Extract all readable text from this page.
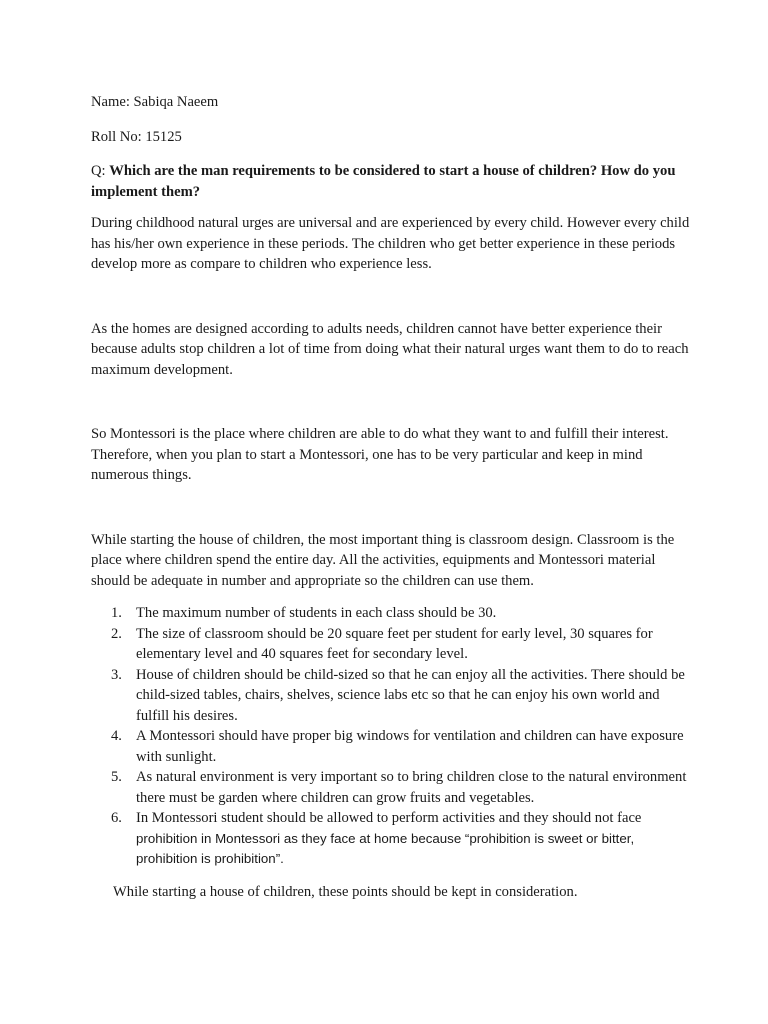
Name: Sabiqa Naeem

Roll No: 15125

Q: Which are the man requirements to be considered to start a house of children? How do you implement them?

During childhood natural urges are universal and are experienced by every child. However every child has his/her own experience in these periods. The children who get better experience in these periods develop more as compare to children who experience less.

As the homes are designed according to adults needs, children cannot have better experience their because adults stop children a lot of time from doing what their natural urges want them to do to reach maximum development.

So Montessori is the place where children are able to do what they want to and fulfill their interest. Therefore, when you plan to start a Montessori, one has to be very particular and keep in mind numerous things.

While starting the house of children, the most important thing is classroom design. Classroom is the place where children spend the entire day. All the activities, equipments and Montessori material should be adequate in number and appropriate so the children can use them.

1. The maximum number of students in each class should be 30.
2. The size of classroom should be 20 square feet per student for early level, 30 squares for elementary level and 40 squares feet for secondary level.
3. House of children should be child-sized so that he can enjoy all the activities. There should be child-sized tables, chairs, shelves, science labs etc so that he can enjoy his own world and fulfill his desires.
4. A Montessori should have proper big windows for ventilation and children can have exposure with sunlight.
5. As natural environment is very important so to bring children close to the natural environment there must be garden where children can grow fruits and vegetables.
6. In Montessori student should be allowed to perform activities and they should not face prohibition in Montessori as they face at home because “prohibition is sweet or bitter, prohibition is prohibition”.

While starting a house of children, these points should be kept in consideration.
